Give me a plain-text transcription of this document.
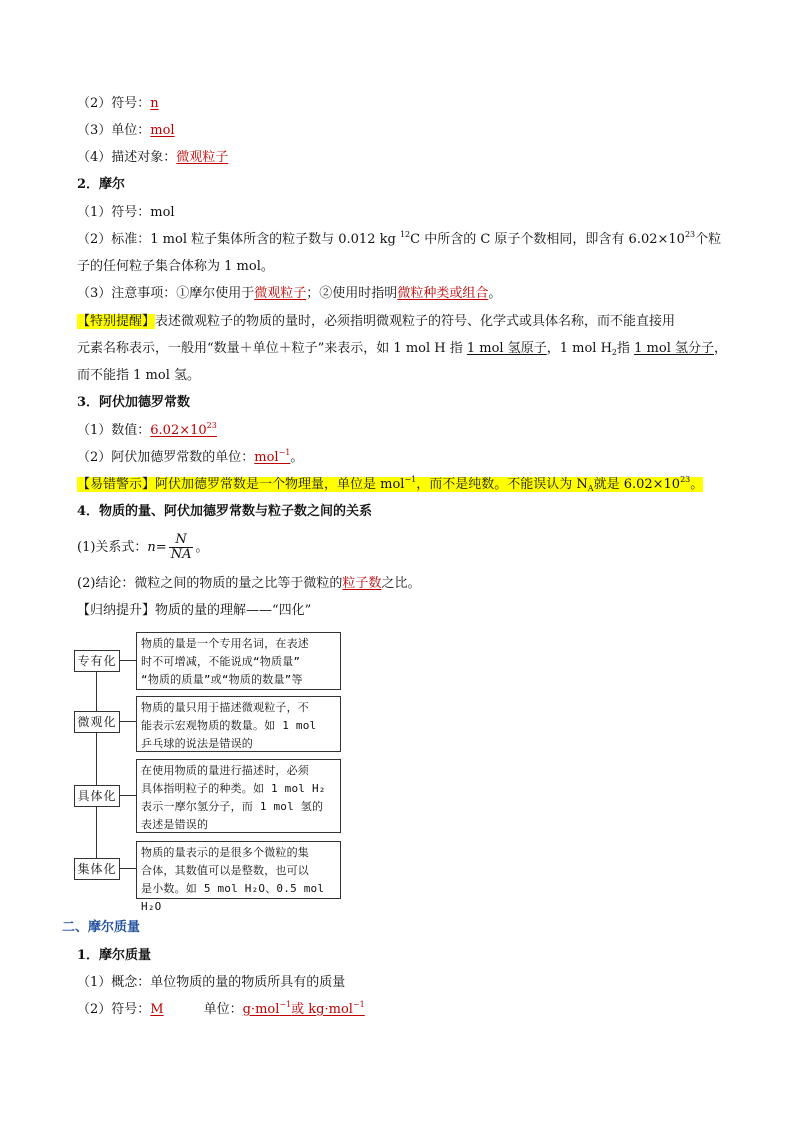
（2）符号：n
（3）单位：mol
（4）描述对象：微观粒子
2．摩尔
（1）符号：mol
（2）标准：1 mol 粒子集体所含的粒子数与 0.012 kg $^{12}$C 中所含的 C 原子个数相同，即含有 $6.02\times 10^{23}$个粒
子的任何粒子集合体称为 1 mol。
（3）注意事项：①摩尔使用于微观粒子；②使用时指明微粒种类或组合。
【特别提醒】表述微观粒子的物质的量时，必须指明微观粒子的符号、化学式或具体名称，而不能直接用
元素名称表示，一般用“数量＋单位＋粒子”来表示，如 1 mol H 指 1 mol 氢原子，1 mol $H_2$指 1 mol 氢分子，
而不能指 1 mol 氢。
3．阿伏加德罗常数
（1）数值：$6.02\times 10^{23}$
（2）阿伏加德罗常数的单位：mol$^{-1}$。
【易错警示】阿伏加德罗常数是一个物理量，单位是 mol$^{-1}$，而不是纯数。不能误认为 $N_A$就是 $6.02\times 10^{23}$。
4．物质的量、阿伏加德罗常数与粒子数之间的关系
(1)关系式：$n= \frac{N}{NA}$ 。
(2)结论：微粒之间的物质的量之比等于微粒的粒子数之比。
【归纳提升】物质的量的理解——“四化”
专有化
物质的量是一个专用名词，在表述
时不可增减，不能说成“物质量”
“物质的质量”或“物质的数量”等
微观化
物质的量只用于描述微观粒子，不
能表示宏观物质的数量。如 1 mol
乒乓球的说法是错误的
具体化
在使用物质的量进行描述时，必须
具体指明粒子的种类。如 1 mol H₂
表示一摩尔氢分子，而 1 mol 氢的
表述是错误的
集体化
物质的量表示的是很多个微粒的集
合体，其数值可以是整数，也可以
是小数。如 5 mol H₂O、0.5 mol H₂O
二、摩尔质量
1．摩尔质量
（1）概念：单位物质的量的物质所具有的质量
（2）符号：M	单位：g·mol$^{-1}$或 kg·mol$^{-1}$
